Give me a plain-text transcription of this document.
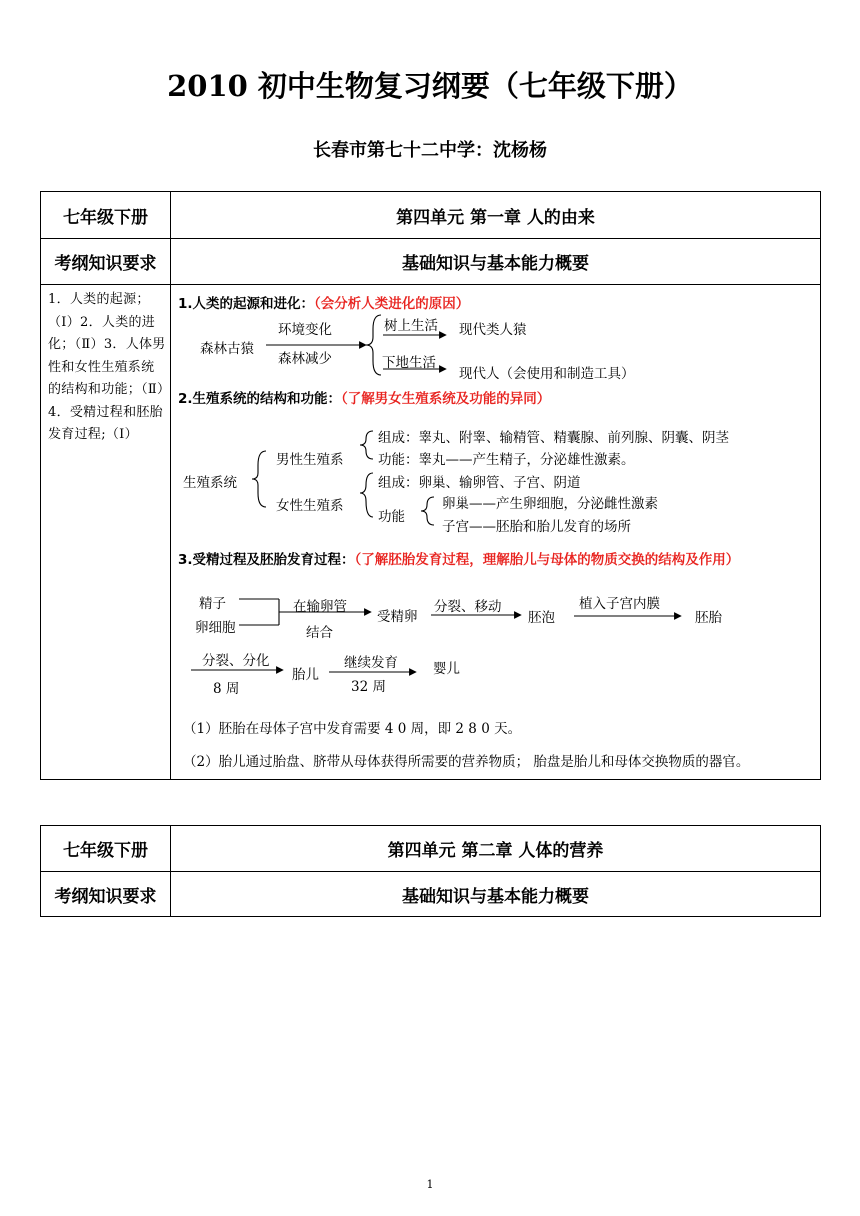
2010 初中生物复习纲要（七年级下册）
长春市第七十二中学：沈杨杨
七年级下册	第四单元 第一章 人的由来
考纲知识要求	基础知识与基本能力概要
1．人类的起源；（Ⅰ）2．人类的进化；（Ⅱ）3．人体男性和女性生殖系统的结构和功能；（Ⅱ）4．受精过程和胚胎发育过程;（Ⅰ）
1.人类的起源和进化：（会分析人类进化的原因）
森林古猿
环境变化
森林减少
树上生活 现代类人猿
下地生活
现代人（会使用和制造工具）
2.生殖系统的结构和功能：（了解男女生殖系统及功能的异同）
生殖系统
男性生殖系
组成：睾丸、附睾、输精管、精囊腺、前列腺、阴囊、阴茎
功能：睾丸——产生精子，分泌雄性激素。
女性生殖系
组成：卵巢、输卵管、子宫、阴道
功能
卵巢——产生卵细胞，分泌雌性激素
子宫——胚胎和胎儿发育的场所
3.受精过程及胚胎发育过程：（了解胚胎发育过程，理解胎儿与母体的物质交换的结构及作用）
精子
卵细胞
在输卵管
结合
受精卵
分裂、移动
胚泡
植入子宫内膜
胚胎
分裂、分化
8 周
胎儿
继续发育
32 周
婴儿
（1）胚胎在母体子宫中发育需要 4 0 周，即 2 8 0 天。
（2）胎儿通过胎盘、脐带从母体获得所需要的营养物质； 胎盘是胎儿和母体交换物质的器官。
七年级下册	第四单元 第二章 人体的营养
考纲知识要求	基础知识与基本能力概要
1
